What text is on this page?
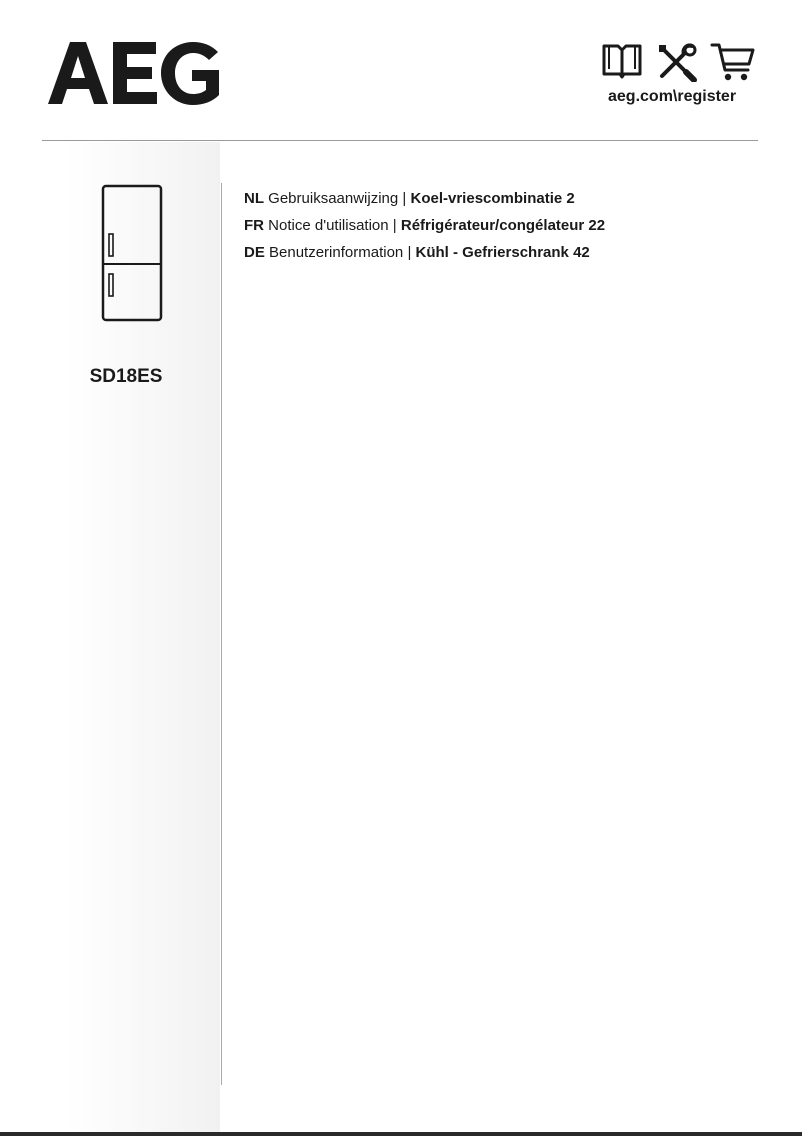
aeg.com\register
SD18ES
NL Gebruiksaanwijzing | Koel-vriescombinatie 2
FR Notice d'utilisation | Réfrigérateur/congélateur 22
DE Benutzerinformation | Kühl - Gefrierschrank 42
